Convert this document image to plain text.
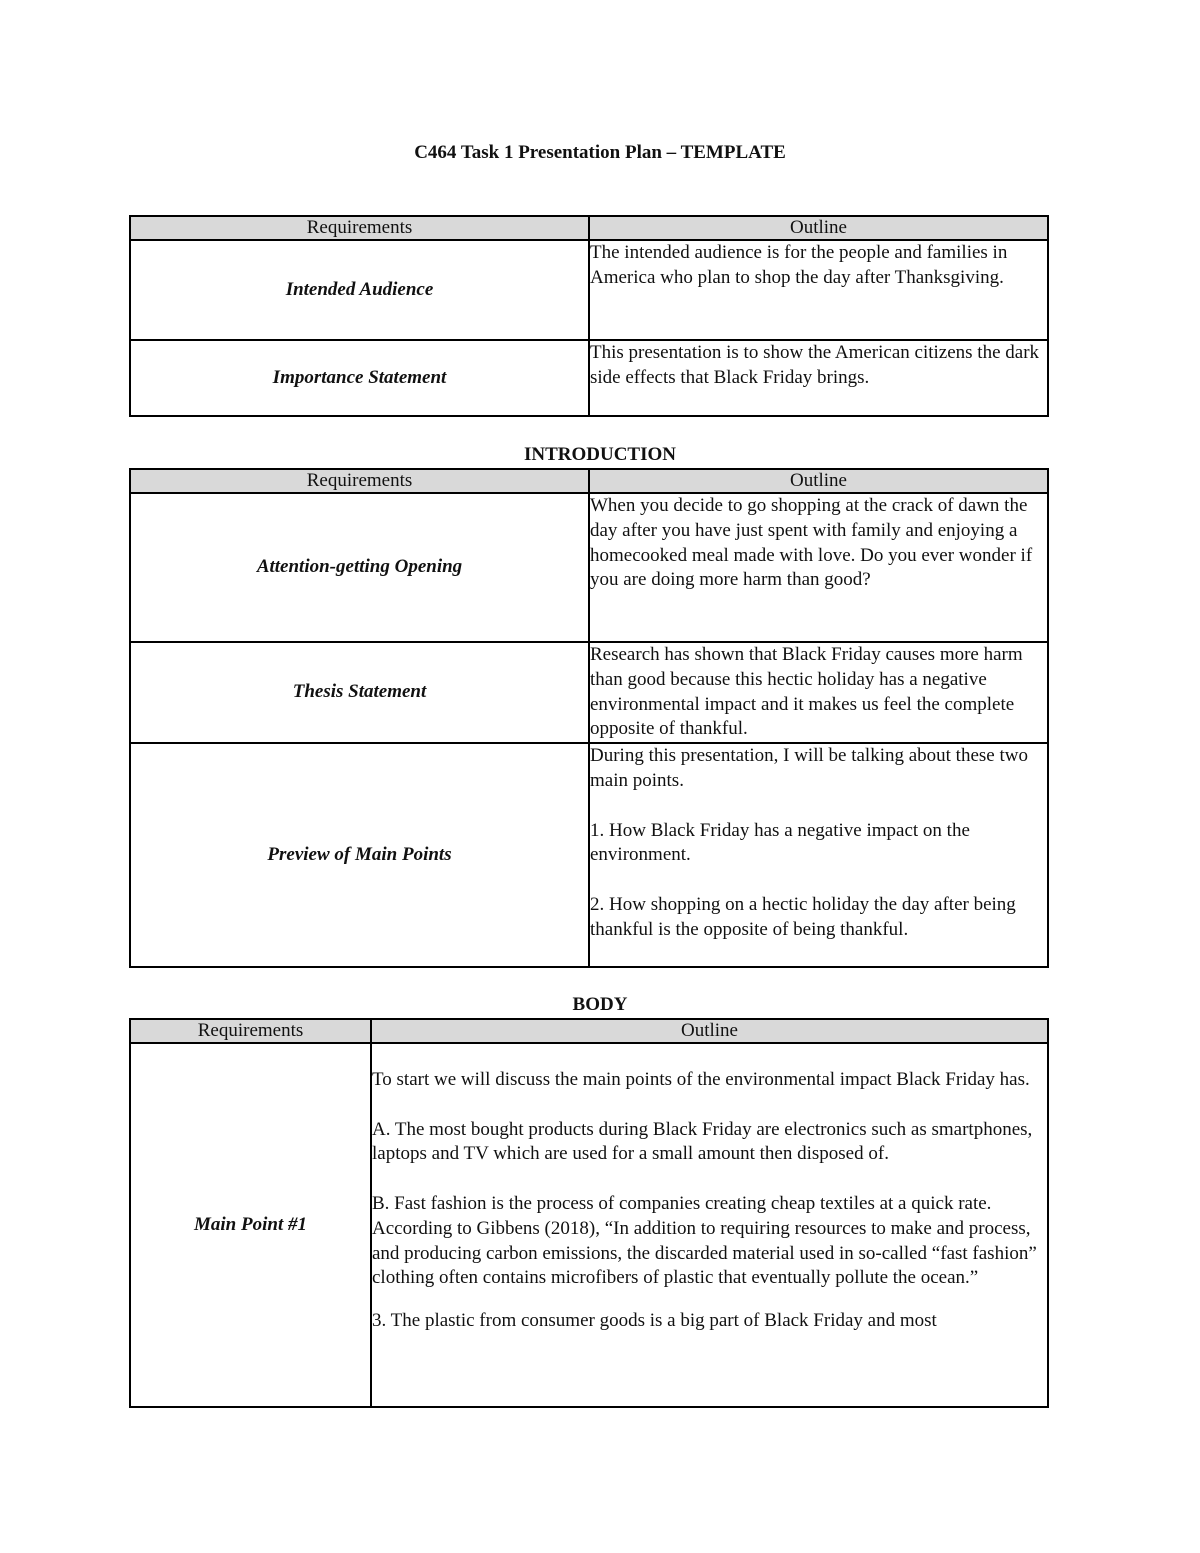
C464 Task 1 Presentation Plan – TEMPLATE
Requirements	Outline
Intended Audience	The intended audience is for the people and families in America who plan to shop the day after Thanksgiving.
Importance Statement	This presentation is to show the American citizens the dark side effects that Black Friday brings.
INTRODUCTION
Requirements	Outline
Attention-getting Opening	When you decide to go shopping at the crack of dawn the day after you have just spent with family and enjoying a homecooked meal made with love. Do you ever wonder if you are doing more harm than good?
Thesis Statement	Research has shown that Black Friday causes more harm than good because this hectic holiday has a negative environmental impact and it makes us feel the complete opposite of thankful.
Preview of Main Points	During this presentation, I will be talking about these two main points.

1. How Black Friday has a negative impact on the environment.

2. How shopping on a hectic holiday the day after being thankful is the opposite of being thankful.

BODY
Requirements	Outline
Main Point #1	To start we will discuss the main points of the environmental impact Black Friday has.

A. The most bought products during Black Friday are electronics such as smartphones, laptops and TV which are used for a small amount then disposed of.

B. Fast fashion is the process of companies creating cheap textiles at a quick rate. According to Gibbens (2018), “In addition to requiring resources to make and process, and producing carbon emissions, the discarded material used in so-called “fast fashion” clothing often contains microfibers of plastic that eventually pollute the ocean.”

3. The plastic from consumer goods is a big part of Black Friday and most
